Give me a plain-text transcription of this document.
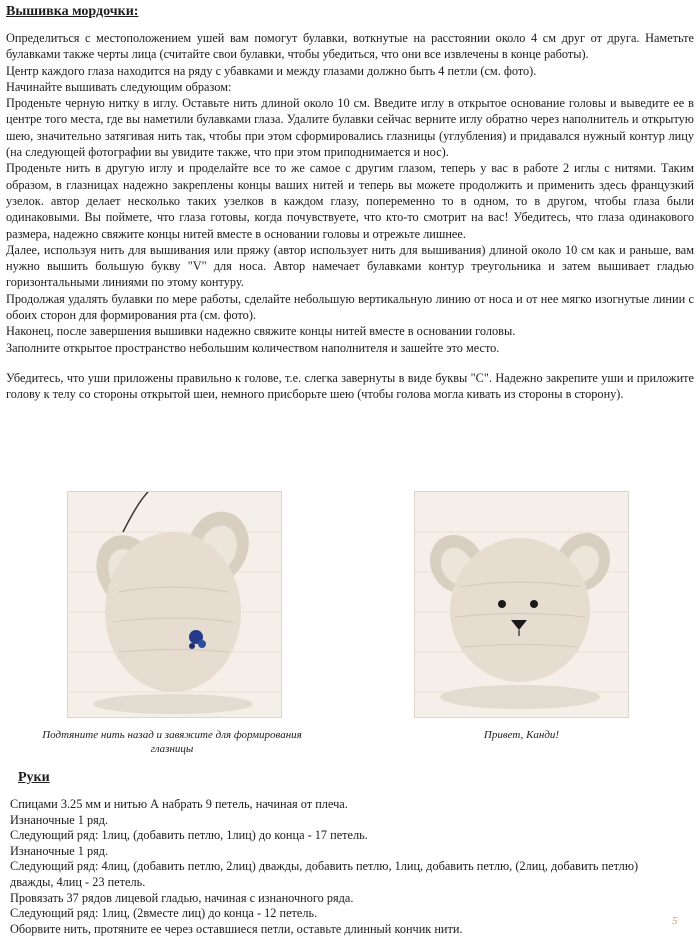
Вышивка мордочки:

Определиться с местоположением ушей вам помогут булавки, воткнутые на расстоянии около 4 см друг от друга. Наметьте булавками также черты лица (считайте свои булавки, чтобы убедиться, что они все извлечены в конце работы).

Центр каждого глаза находится на ряду с убавками и между глазами должно быть 4 петли (см. фото).

Начинайте вышивать следующим образом:

Проденьте черную нитку в иглу. Оставьте нить длиной около 10 см. Введите иглу в открытое основание головы и выведите ее в центре того места, где вы наметили булавками глаза. Удалите булавки сейчас верните иглу обратно через наполнитель и открытую шею, значительно затягивая нить так, чтобы при этом сформировались глазницы (углубления) и придавался нужный контур лицу (на следующей фотографии вы увидите также, что при этом приподнимается и нос).

Проденьте нить в другую иглу и проделайте все то же самое с другим глазом, теперь у вас в работе 2 иглы с нитями. Таким образом, в глазницах надежно закреплены концы ваших нитей и теперь вы можете продолжить и применить здесь французкий узелок. автор делает несколько таких узелков в каждом глазу, попеременно то в одном, то в другом, чтобы глаза были одинаковыми. Вы поймете, что глаза готовы, когда почувствуете, что кто-то смотрит на вас! Убедитесь, что глаза одинакового размера, надежно свяжите концы нитей вместе в основании головы и отрежьте лишнее.

Далее, используя нить для вышивания или пряжу (автор использует нить для вышивания) длиной около 10 см как и раньше, вам нужно вышить большую букву "V" для носа. Автор намечает булавками контур треугольника и затем вышивает гладью горизонтальными линиями по этому контуру.

Продолжая удалять булавки по мере работы, сделайте небольшую вертикальную линию от носа и от нее мягко изогнутые линии с обоих сторон для формирования рта (см. фото).

Наконец, после завершения вышивки надежно свяжите концы нитей вместе в основании головы.

Заполните открытое пространство небольшим количеством наполнителя и зашейте это место.

Убедитесь, что уши приложены правильно к голове, т.е. слегка завернуты в виде буквы "С". Надежно закрепите уши и приложите голову к телу со стороны открытой шеи, немного присборьте шею (чтобы голова могла кивать из стороны в сторону).

Подтяните нить назад и завяжите для формирования глазницы
Привет, Канди!
Руки
Спицами 3.25 мм и нитью А набрать 9 петель, начиная от плеча.
Изнаночные 1 ряд.
Следующий ряд: 1лиц, (добавить петлю, 1лиц) до конца - 17 петель.
Изнаночные 1 ряд.
Следующий ряд: 4лиц, (добавить петлю, 2лиц) дважды, добавить петлю, 1лиц, добавить петлю, (2лиц, добавить петлю) дважды, 4лиц - 23 петель.
Провязать 37 рядов лицевой гладью, начиная с изнаночного ряда.
Следующий ряд: 1лиц, (2вместе лиц) до конца - 12 петель.
Оборвите нить, протяните ее через оставшиеся петли, оставьте длинный кончик нити.
5
